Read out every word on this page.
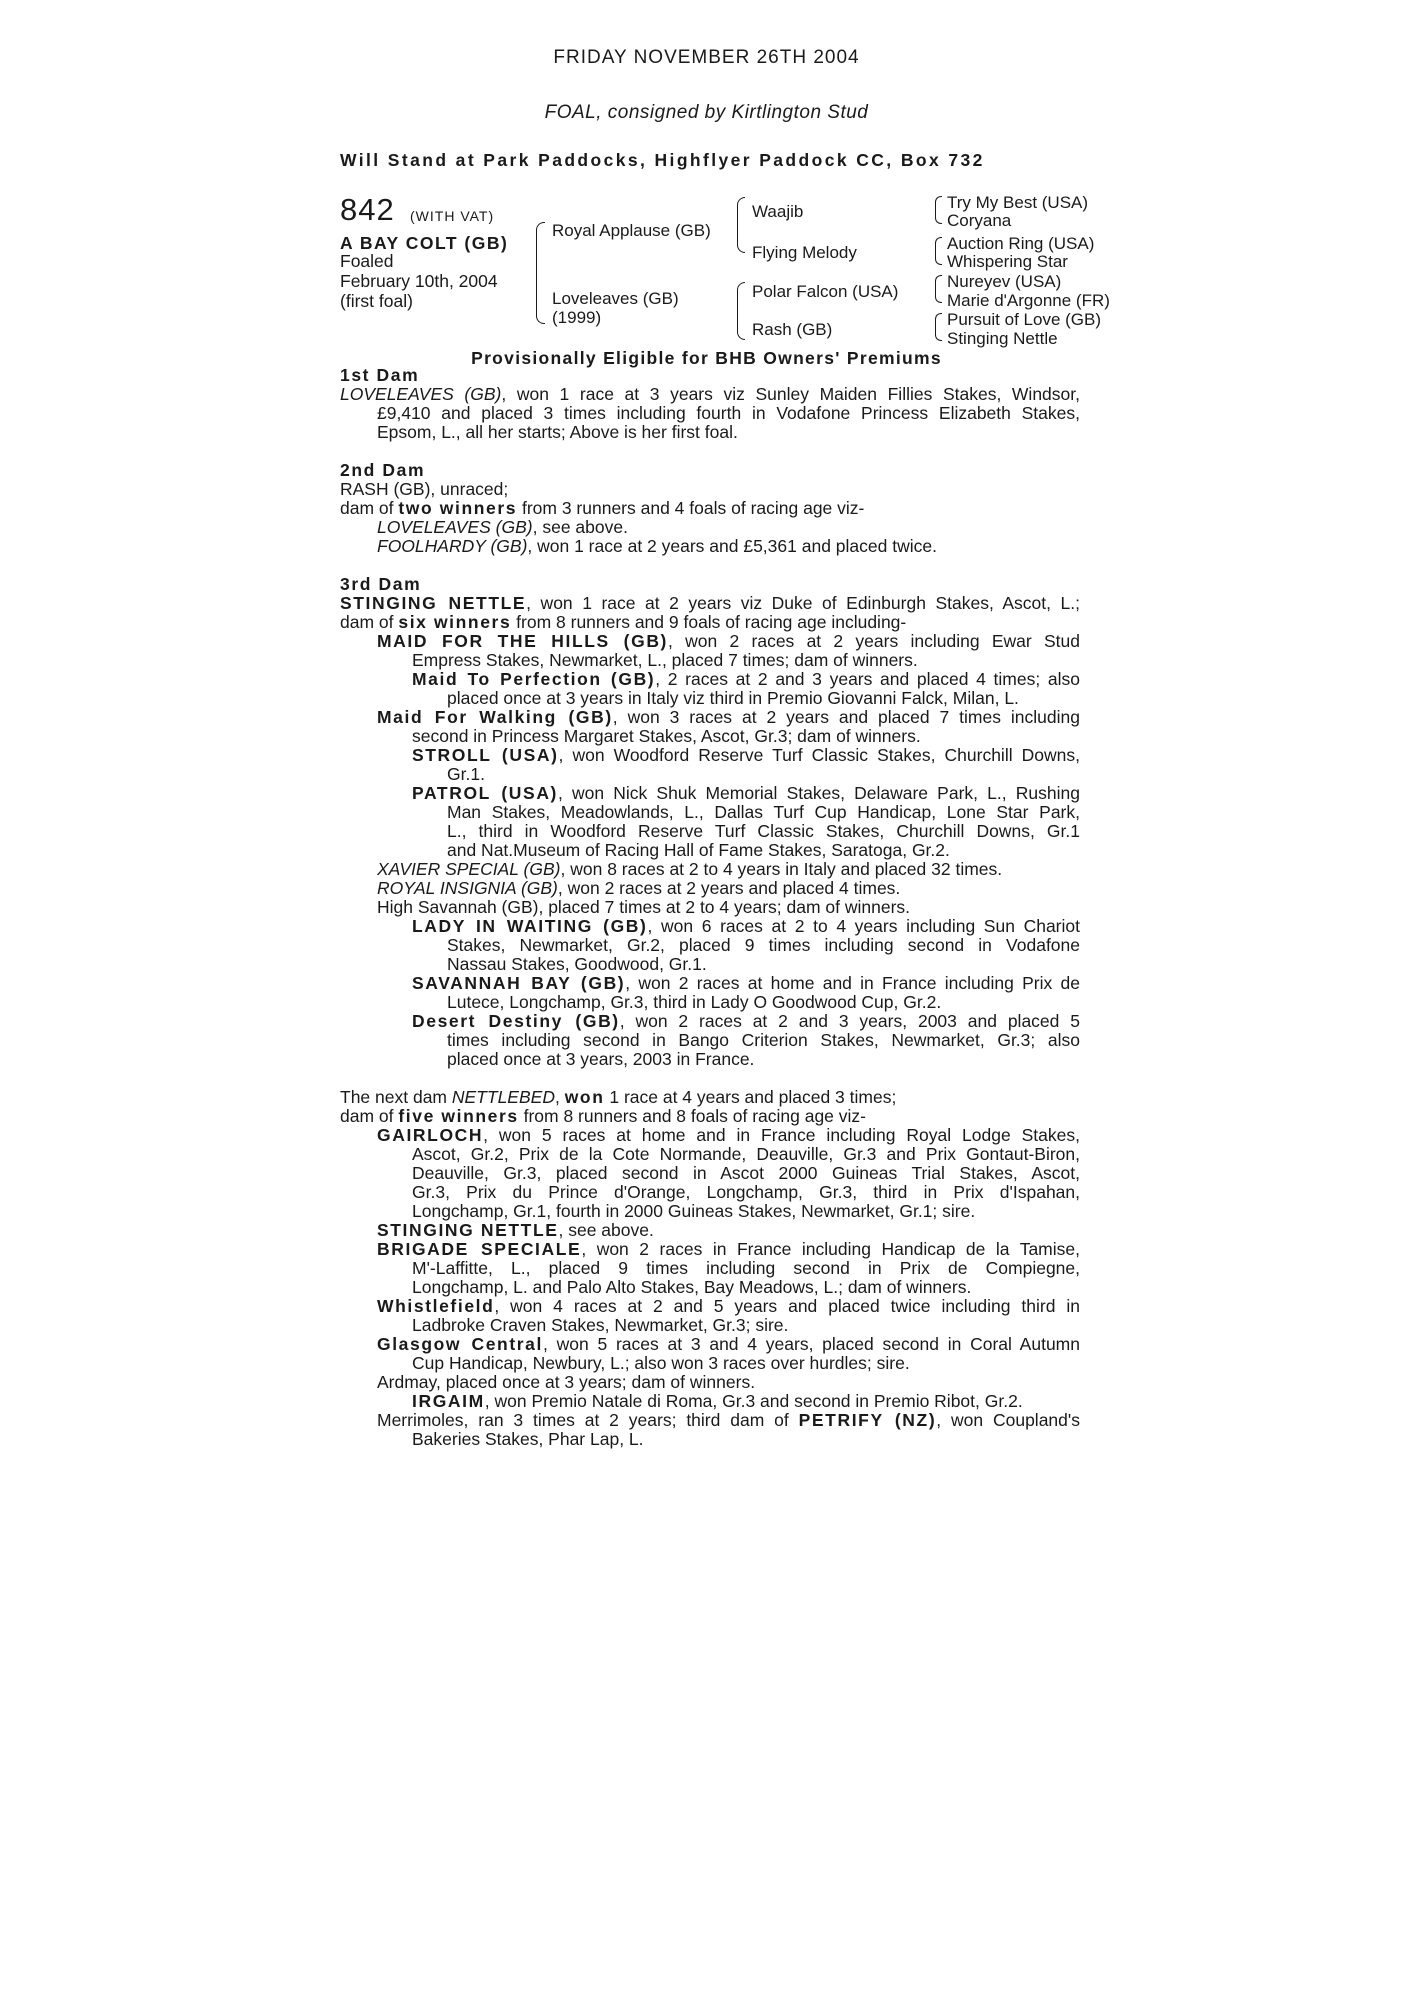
FRIDAY NOVEMBER 26TH 2004
FOAL, consigned by Kirtlington Stud
Will Stand at Park Paddocks, Highflyer Paddock CC, Box 732
842 (WITH VAT)
A BAY COLT (GB)
Foaled
February 10th, 2004
(first foal)
Royal Applause (GB)
Loveleaves (GB)
(1999)
Waajib
Flying Melody
Polar Falcon (USA)
Rash (GB)
Try My Best (USA)
Coryana
Auction Ring (USA)
Whispering Star
Nureyev (USA)
Marie d'Argonne (FR)
Pursuit of Love (GB)
Stinging Nettle
Provisionally Eligible for BHB Owners' Premiums
1st Dam
LOVELEAVES (GB), won 1 race at 3 years viz Sunley Maiden Fillies Stakes, Windsor,
£9,410 and placed 3 times including fourth in Vodafone Princess Elizabeth Stakes,
Epsom, L., all her starts; Above is her first foal.
2nd Dam
RASH (GB), unraced;
dam of two winners from 3 runners and 4 foals of racing age viz-
LOVELEAVES (GB), see above.
FOOLHARDY (GB), won 1 race at 2 years and £5,361 and placed twice.
3rd Dam
STINGING NETTLE, won 1 race at 2 years viz Duke of Edinburgh Stakes, Ascot, L.;
dam of six winners from 8 runners and 9 foals of racing age including-
MAID FOR THE HILLS (GB), won 2 races at 2 years including Ewar Stud
Empress Stakes, Newmarket, L., placed 7 times; dam of winners.
Maid To Perfection (GB), 2 races at 2 and 3 years and placed 4 times; also
placed once at 3 years in Italy viz third in Premio Giovanni Falck, Milan, L.
Maid For Walking (GB), won 3 races at 2 years and placed 7 times including
second in Princess Margaret Stakes, Ascot, Gr.3; dam of winners.
STROLL (USA), won Woodford Reserve Turf Classic Stakes, Churchill Downs,
Gr.1.
PATROL (USA), won Nick Shuk Memorial Stakes, Delaware Park, L., Rushing
Man Stakes, Meadowlands, L., Dallas Turf Cup Handicap, Lone Star Park,
L., third in Woodford Reserve Turf Classic Stakes, Churchill Downs, Gr.1
and Nat.Museum of Racing Hall of Fame Stakes, Saratoga, Gr.2.
XAVIER SPECIAL (GB), won 8 races at 2 to 4 years in Italy and placed 32 times.
ROYAL INSIGNIA (GB), won 2 races at 2 years and placed 4 times.
High Savannah (GB), placed 7 times at 2 to 4 years; dam of winners.
LADY IN WAITING (GB), won 6 races at 2 to 4 years including Sun Chariot
Stakes, Newmarket, Gr.2, placed 9 times including second in Vodafone
Nassau Stakes, Goodwood, Gr.1.
SAVANNAH BAY (GB), won 2 races at home and in France including Prix de
Lutece, Longchamp, Gr.3, third in Lady O Goodwood Cup, Gr.2.
Desert Destiny (GB), won 2 races at 2 and 3 years, 2003 and placed 5
times including second in Bango Criterion Stakes, Newmarket, Gr.3; also
placed once at 3 years, 2003 in France.
The next dam NETTLEBED, won 1 race at 4 years and placed 3 times;
dam of five winners from 8 runners and 8 foals of racing age viz-
GAIRLOCH, won 5 races at home and in France including Royal Lodge Stakes,
Ascot, Gr.2, Prix de la Cote Normande, Deauville, Gr.3 and Prix Gontaut-Biron,
Deauville, Gr.3, placed second in Ascot 2000 Guineas Trial Stakes, Ascot,
Gr.3, Prix du Prince d'Orange, Longchamp, Gr.3, third in Prix d'Ispahan,
Longchamp, Gr.1, fourth in 2000 Guineas Stakes, Newmarket, Gr.1; sire.
STINGING NETTLE, see above.
BRIGADE SPECIALE, won 2 races in France including Handicap de la Tamise,
M'-Laffitte, L., placed 9 times including second in Prix de Compiegne,
Longchamp, L. and Palo Alto Stakes, Bay Meadows, L.; dam of winners.
Whistlefield, won 4 races at 2 and 5 years and placed twice including third in
Ladbroke Craven Stakes, Newmarket, Gr.3; sire.
Glasgow Central, won 5 races at 3 and 4 years, placed second in Coral Autumn
Cup Handicap, Newbury, L.; also won 3 races over hurdles; sire.
Ardmay, placed once at 3 years; dam of winners.
IRGAIM, won Premio Natale di Roma, Gr.3 and second in Premio Ribot, Gr.2.
Merrimoles, ran 3 times at 2 years; third dam of PETRIFY (NZ), won Coupland's
Bakeries Stakes, Phar Lap, L.
